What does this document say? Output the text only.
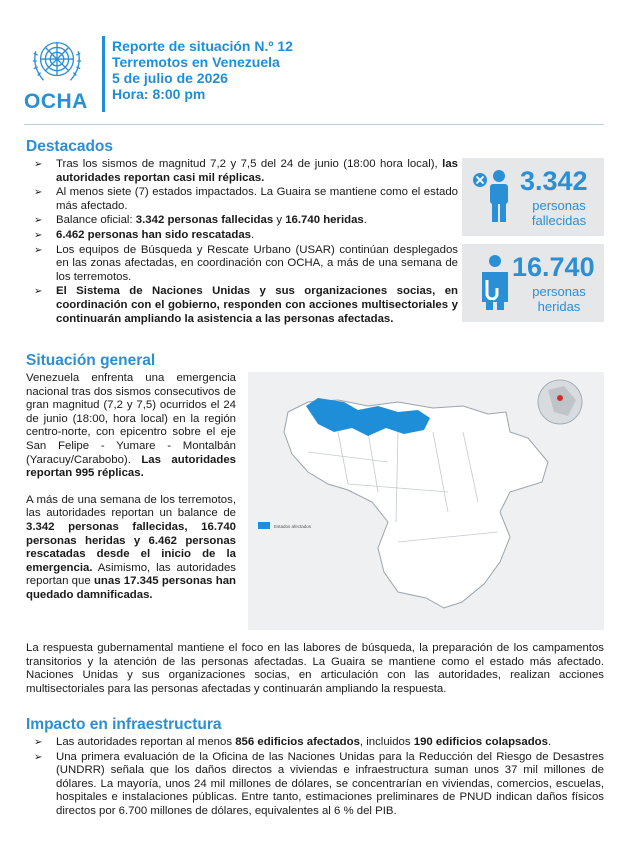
OCHA
Reporte de situación N.º 12
Terremotos en Venezuela
5 de julio de 2026
Hora: 8:00 pm
Destacados
➢ Tras los sismos de magnitud 7,2 y 7,5 del 24 de junio (18:00 hora local), las autoridades reportan casi mil réplicas.
➢ Al menos siete (7) estados impactados. La Guaira se mantiene como el estado más afectado.
➢ Balance oficial: 3.342 personas fallecidas y 16.740 heridas.
➢ 6.462 personas han sido rescatadas.
➢ Los equipos de Búsqueda y Rescate Urbano (USAR) continúan desplegados en las zonas afectadas, en coordinación con OCHA, a más de una semana de los terremotos.
➢ El Sistema de Naciones Unidas y sus organizaciones socias, en coordinación con el gobierno, responden con acciones multisectoriales y continuarán ampliando la asistencia a las personas afectadas.
3.342
personas
fallecidas
16.740
personas
heridas
Situación general

Venezuela enfrenta una emergencia nacional tras dos sismos consecutivos de gran magnitud (7,2 y 7,5) ocurridos el 24 de junio (18:00, hora local) en la región centro-norte, con epicentro sobre el eje San Felipe - Yumare - Montalbán (Yaracuy/Carabobo). Las autoridades reportan 995 réplicas.

A más de una semana de los terremotos, las autoridades reportan un balance de 3.342 personas fallecidas, 16.740 personas heridas y 6.462 personas rescatadas desde el inicio de la emergencia. Asimismo, las autoridades reportan que unas 17.345 personas han quedado damnificadas.

Estados afectados
La respuesta gubernamental mantiene el foco en las labores de búsqueda, la preparación de los campamentos transitorios y la atención de las personas afectadas. La Guaira se mantiene como el estado más afectado. Naciones Unidas y sus organizaciones socias, en articulación con las autoridades, realizan acciones multisectoriales para las personas afectadas y continuarán ampliando la respuesta.
Impacto en infraestructura
➢ Las autoridades reportan al menos 856 edificios afectados, incluidos 190 edificios colapsados.
➢ Una primera evaluación de la Oficina de las Naciones Unidas para la Reducción del Riesgo de Desastres (UNDRR) señala que los daños directos a viviendas e infraestructura suman unos 37 mil millones de dólares. La mayoría, unos 24 mil millones de dólares, se concentrarían en viviendas, comercios, escuelas, hospitales e instalaciones públicas. Entre tanto, estimaciones preliminares de PNUD indican daños físicos directos por 6.700 millones de dólares, equivalentes al 6 % del PIB.
